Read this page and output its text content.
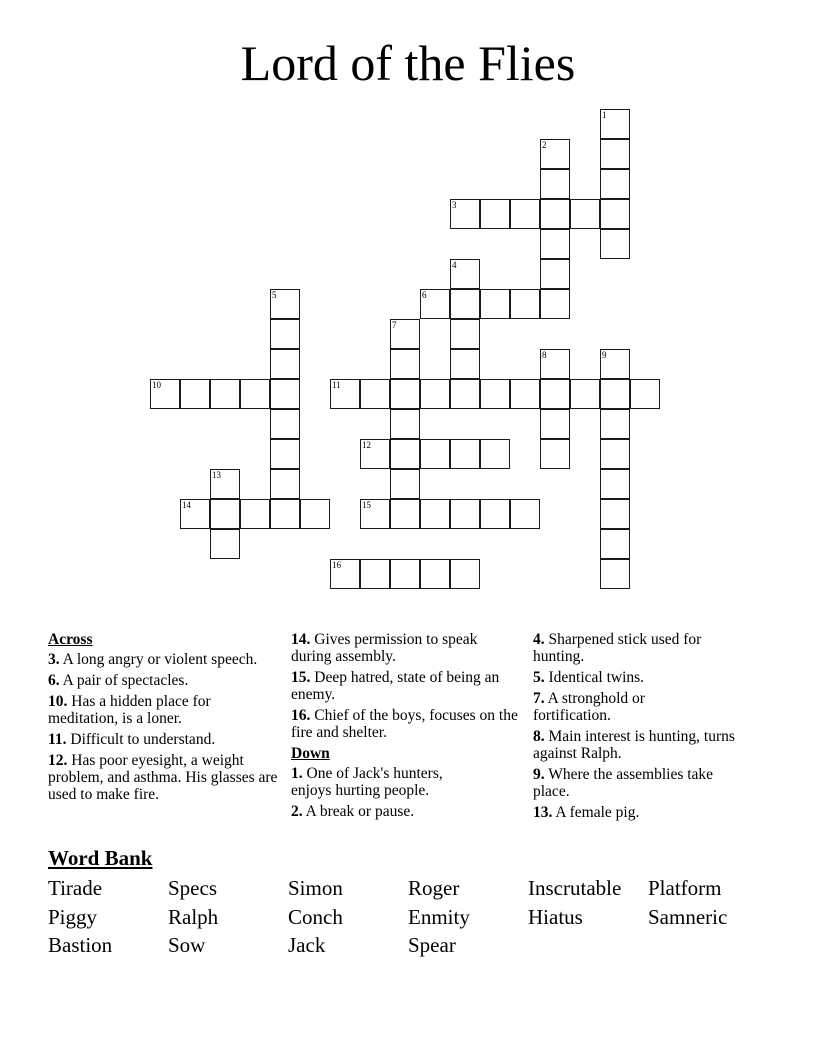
Lord of the Flies
1
2
3
4
5	6
7
8	9
10	11
12
13
14	15
16
Across
3. A long angry or violent speech.
6. A pair of spectacles.
10. Has a hidden place for meditation, is a loner.
11. Difficult to understand.
12. Has poor eyesight, a weight problem, and asthma. His glasses are used to make fire.
14. Gives permission to speak during assembly.
15. Deep hatred, state of being an enemy.
16. Chief of the boys, focuses on the fire and shelter.
Down
1. One of Jack's hunters, enjoys hurting people.
2. A break or pause.
4. Sharpened stick used for hunting.
5. Identical twins.
7. A stronghold or fortification.
8. Main interest is hunting, turns against Ralph.
9. Where the assemblies take place.
13. A female pig.
Word Bank
Tirade	Specs	Simon	Roger	Inscrutable	Platform
Piggy	Ralph	Conch	Enmity	Hiatus	Samneric
Bastion	Sow	Jack	Spear
